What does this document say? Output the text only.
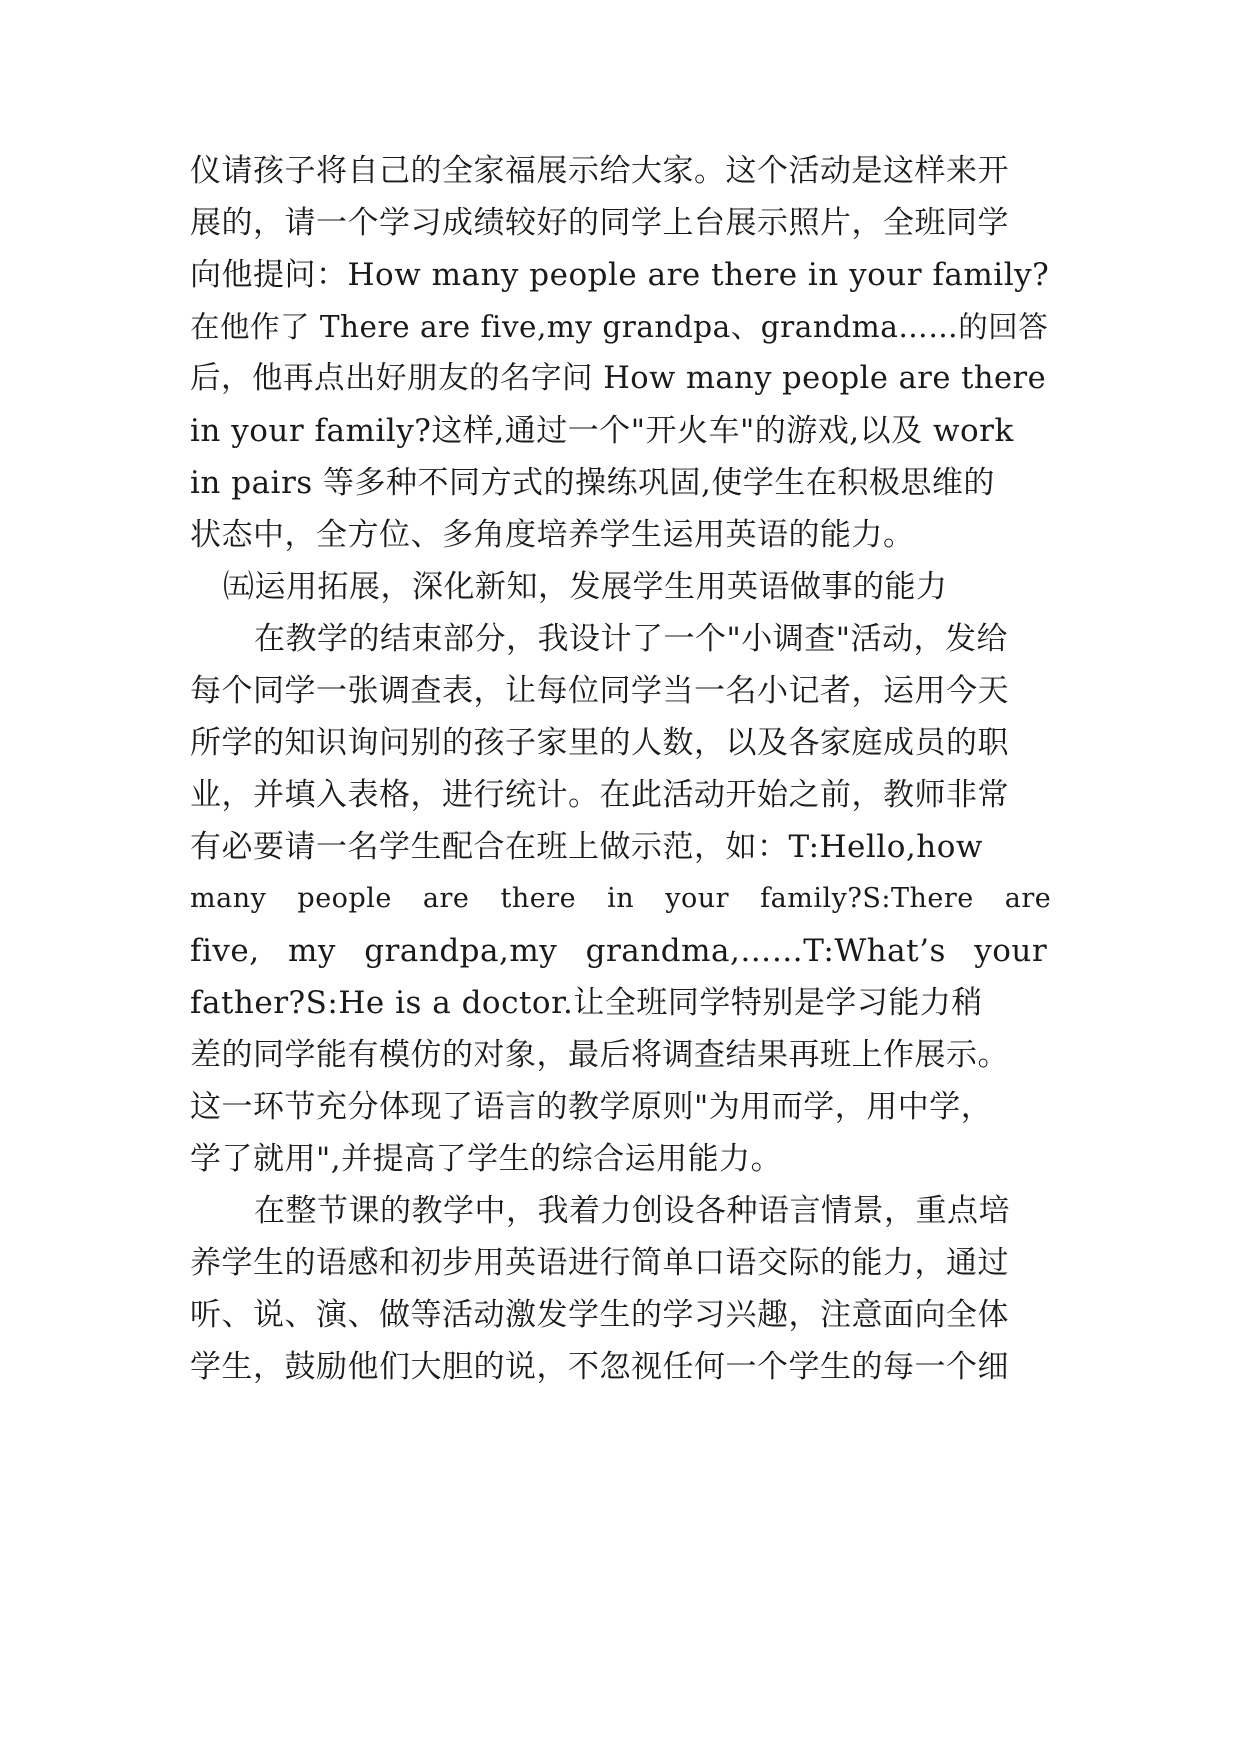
仪请孩子将自己的全家福展示给大家。这个活动是这样来开
展的，请一个学习成绩较好的同学上台展示照片，全班同学
向他提问：How many people are there in your family?
在他作了 There are five,my grandpa、grandma……的回答
后，他再点出好朋友的名字问 How many people are there
in your family?这样,通过一个"开火车"的游戏,以及 work
in pairs 等多种不同方式的操练巩固,使学生在积极思维的
状态中，全方位、多角度培养学生运用英语的能力。
㈤运用拓展，深化新知，发展学生用英语做事的能力
在教学的结束部分，我设计了一个"小调查"活动，发给
每个同学一张调查表，让每位同学当一名小记者，运用今天
所学的知识询问别的孩子家里的人数，以及各家庭成员的职
业，并填入表格，进行统计。在此活动开始之前，教师非常
有必要请一名学生配合在班上做示范，如：T:Hello,how
many people are there in your family?S:There are
five, my grandpa,my grandma,……T:What’s your
father?S:He is a doctor.让全班同学特别是学习能力稍
差的同学能有模仿的对象，最后将调查结果再班上作展示。
这一环节充分体现了语言的教学原则"为用而学，用中学，
学了就用",并提高了学生的综合运用能力。
在整节课的教学中，我着力创设各种语言情景，重点培
养学生的语感和初步用英语进行简单口语交际的能力，通过
听、说、演、做等活动激发学生的学习兴趣，注意面向全体
学生，鼓励他们大胆的说，不忽视任何一个学生的每一个细
